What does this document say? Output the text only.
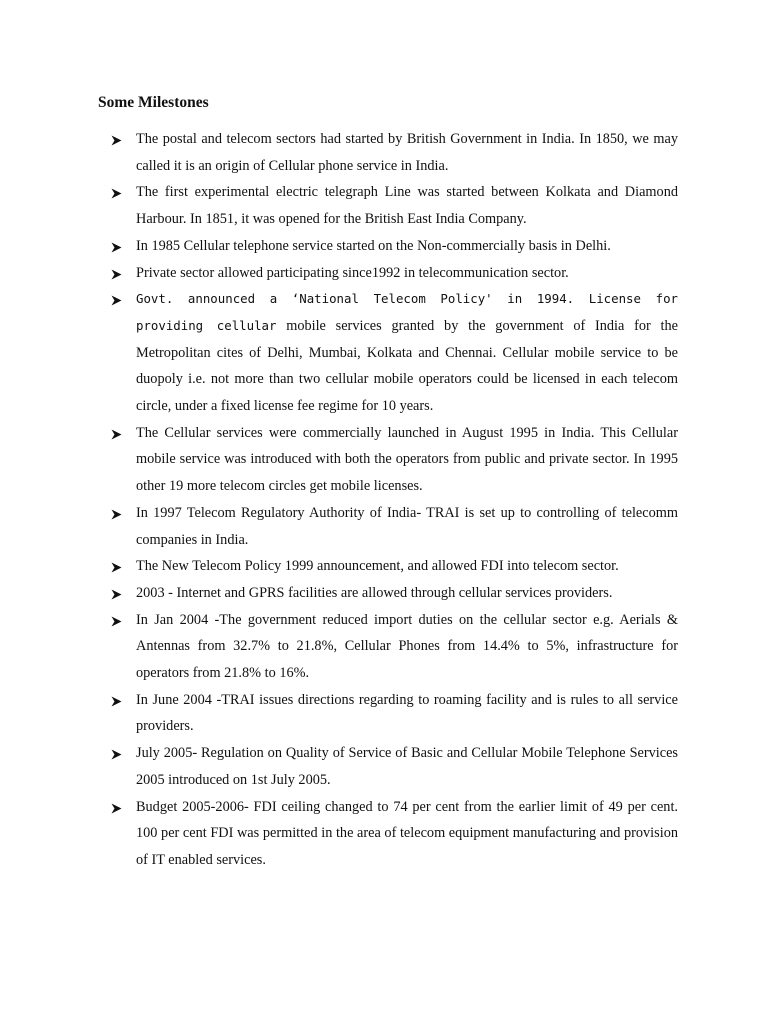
Some Milestones
The postal and telecom sectors had started by British Government in India. In 1850, we may called it is an origin of Cellular phone service in India.
The first experimental electric telegraph Line was started between Kolkata and Diamond Harbour. In 1851, it was opened for the British East India Company.
In 1985 Cellular telephone service started on the Non-commercially basis in Delhi.
Private sector allowed participating since1992 in telecommunication sector.
Govt. announced a ‘National Telecom Policy' in 1994. License for providing cellular mobile services granted by the government of India for the Metropolitan cites of Delhi, Mumbai, Kolkata and Chennai. Cellular mobile service to be duopoly i.e. not more than two cellular mobile operators could be licensed in each telecom circle, under a fixed license fee regime for 10 years.
The Cellular services were commercially launched in August 1995 in India. This Cellular mobile service was introduced with both the operators from public and private sector. In 1995 other 19 more telecom circles get mobile licenses.
In 1997 Telecom Regulatory Authority of India- TRAI is set up to controlling of telecomm companies in India.
The New Telecom Policy 1999 announcement, and allowed FDI into telecom sector.
2003 - Internet and GPRS facilities are allowed through cellular services providers.
In Jan 2004 -The government reduced import duties on the cellular sector e.g. Aerials & Antennas from 32.7% to 21.8%, Cellular Phones from 14.4% to 5%, infrastructure for operators from 21.8% to 16%.
In June 2004 -TRAI issues directions regarding to roaming facility and is rules to all service providers.
July 2005- Regulation on Quality of Service of Basic and Cellular Mobile Telephone Services 2005 introduced on 1st July 2005.
Budget 2005-2006- FDI ceiling changed to 74 per cent from the earlier limit of 49 per cent. 100 per cent FDI was permitted in the area of telecom equipment manufacturing and provision of IT enabled services.
